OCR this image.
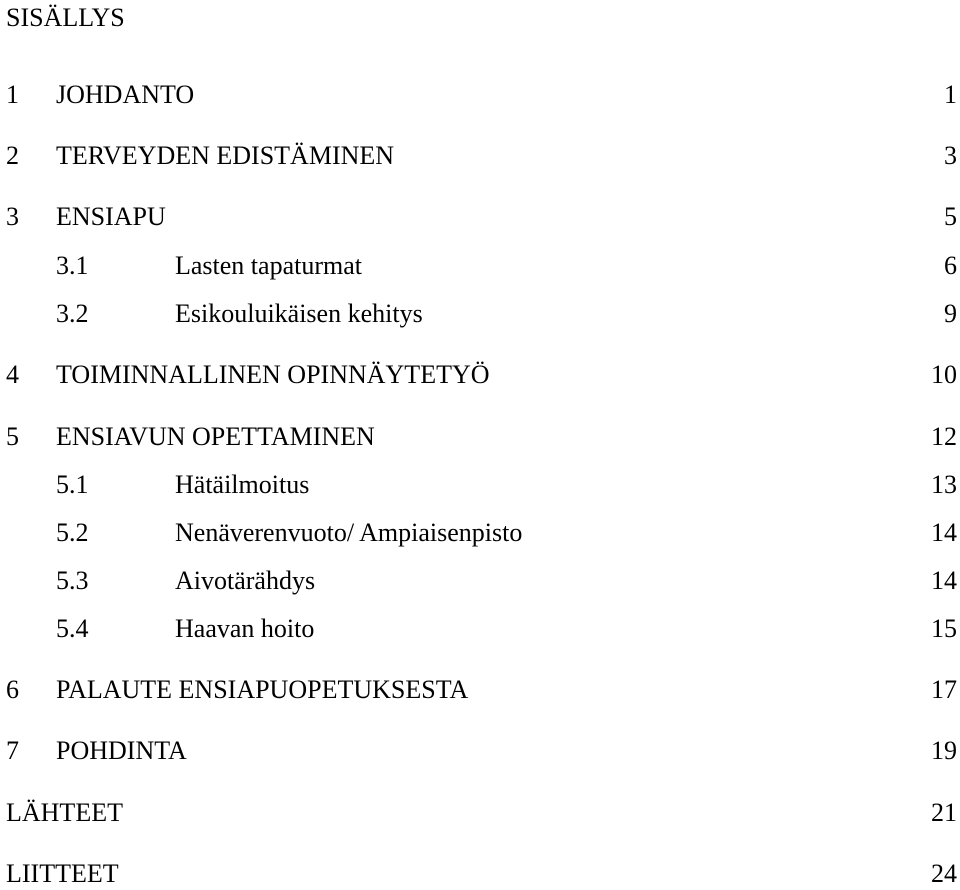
SISÄLLYS
1 JOHDANTO	1
2 TERVEYDEN EDISTÄMINEN	3
3 ENSIAPU	5
3.1	Lasten tapaturmat	6
3.2	Esikouluikäisen kehitys	9
4 TOIMINNALLINEN OPINNÄYTETYÖ	10
5 ENSIAVUN OPETTAMINEN	12
5.1	Hätäilmoitus	13
5.2	Nenäverenvuoto/ Ampiaisenpisto	14
5.3	Aivotärähdys	14
5.4	Haavan hoito	15
6 PALAUTE ENSIAPUOPETUKSESTA	17
7 POHDINTA	19
LÄHTEET	21
LIITTEET	24
